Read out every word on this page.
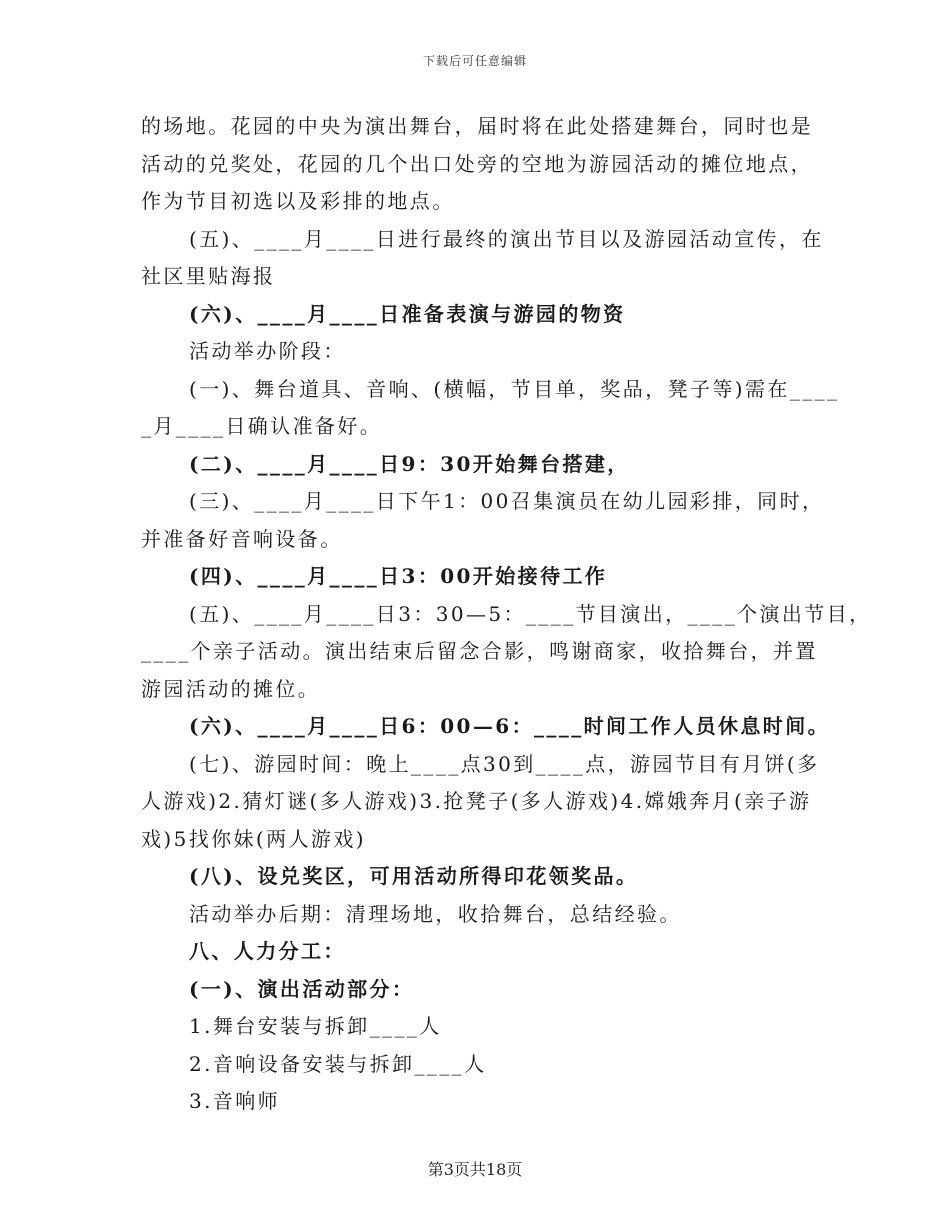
下载后可任意编辑
的场地。花园的中央为演出舞台，届时将在此处搭建舞台，同时也是
活动的兑奖处，花园的几个出口处旁的空地为游园活动的摊位地点，
作为节目初选以及彩排的地点。
(五)、____月____日进行最终的演出节目以及游园活动宣传，在
社区里贴海报
(六)、____月____日准备表演与游园的物资
活动举办阶段：
(一)、舞台道具、音响、(横幅，节目单，奖品，凳子等)需在____
_月____日确认准备好。
(二)、____月____日9：30开始舞台搭建，
(三)、____月____日下午1：00召集演员在幼儿园彩排，同时，
并准备好音响设备。
(四)、____月____日3：00开始接待工作
(五)、____月____日3：30—5：____节目演出，____个演出节目，
____个亲子活动。演出结束后留念合影，鸣谢商家，收拾舞台，并置
游园活动的摊位。
(六)、____月____日6：00—6：____时间工作人员休息时间。
(七)、游园时间：晚上____点30到____点，游园节目有月饼(多
人游戏)2.猜灯谜(多人游戏)3.抢凳子(多人游戏)4.嫦娥奔月(亲子游
戏)5找你妹(两人游戏)
(八)、设兑奖区，可用活动所得印花领奖品。
活动举办后期：清理场地，收拾舞台，总结经验。
八、人力分工：
(一)、演出活动部分：
1.舞台安装与拆卸____人
2.音响设备安装与拆卸____人
3.音响师
第3页共18页
